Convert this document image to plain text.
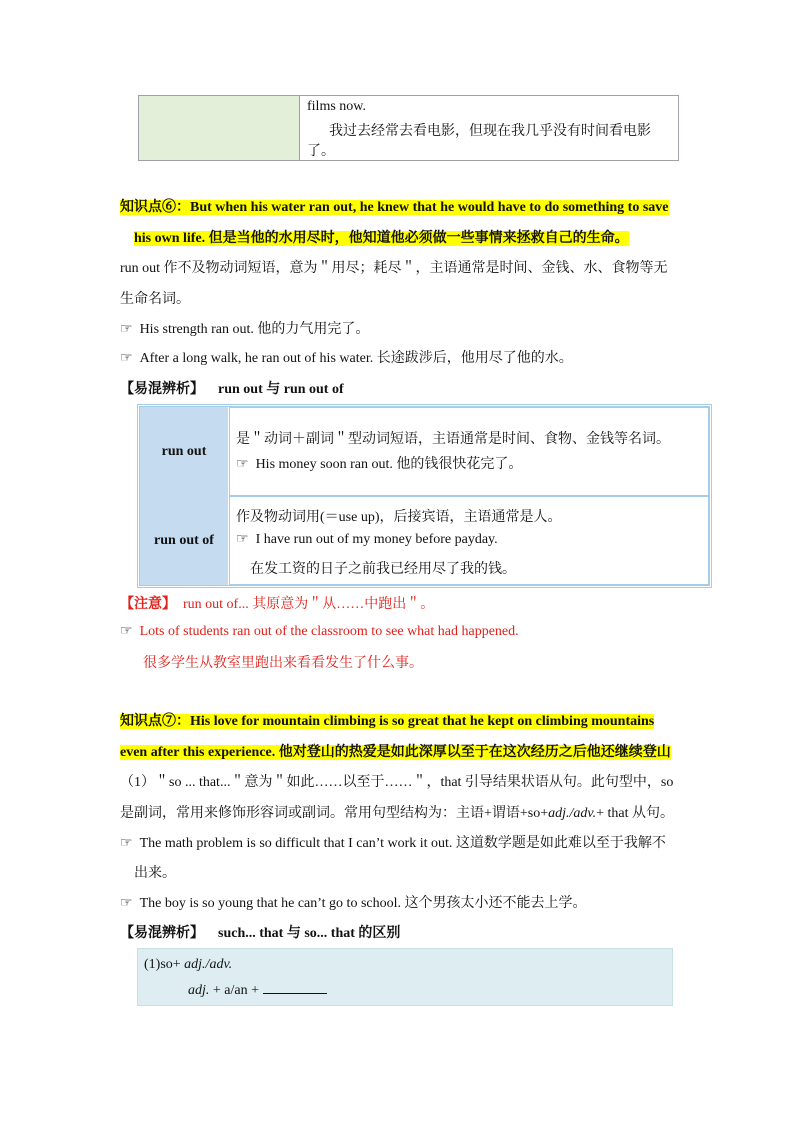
films now.
我过去经常去看电影，但现在我几乎没有时间看电影了。
知识点⑥：But when his water ran out, he knew that he would have to do something to save
his own life. 但是当他的水用尽时，他知道他必须做一些事情来拯救自己的生命。
run out 作不及物动词短语，意为＂用尽；耗尽＂，主语通常是时间、金钱、水、食物等无
生命名词。
☞ His strength ran out. 他的力气用完了。
☞ After a long walk, he ran out of his water. 长途跋涉后，他用尽了他的水。
【易混辨析】 run out 与 run out of
run out
是＂动词＋副词＂型动词短语，主语通常是时间、食物、金钱等名词。
☞ His money soon ran out. 他的钱很快花完了。
run out of
作及物动词用(＝use up)，后接宾语，主语通常是人。
☞ I have run out of my money before payday.
在发工资的日子之前我已经用尽了我的钱。
【注意】 run out of... 其原意为＂从……中跑出＂。
☞ Lots of students ran out of the classroom to see what had happened.
很多学生从教室里跑出来看看发生了什么事。
知识点⑦：His love for mountain climbing is so great that he kept on climbing mountains
even after this experience. 他对登山的热爱是如此深厚以至于在这次经历之后他还继续登山
（1）＂so ... that...＂意为＂如此……以至于……＂，that 引导结果状语从句。此句型中，so
是副词，常用来修饰形容词或副词。常用句型结构为：主语+谓语+so+adj./adv.+ that 从句。
☞ The math problem is so difficult that I can’t work it out. 这道数学题是如此难以至于我解不
出来。
☞ The boy is so young that he can’t go to school. 这个男孩太小还不能去上学。
【易混辨析】 such... that 与 so... that 的区别
(1)so+ adj./adv.
adj. + a/an +
